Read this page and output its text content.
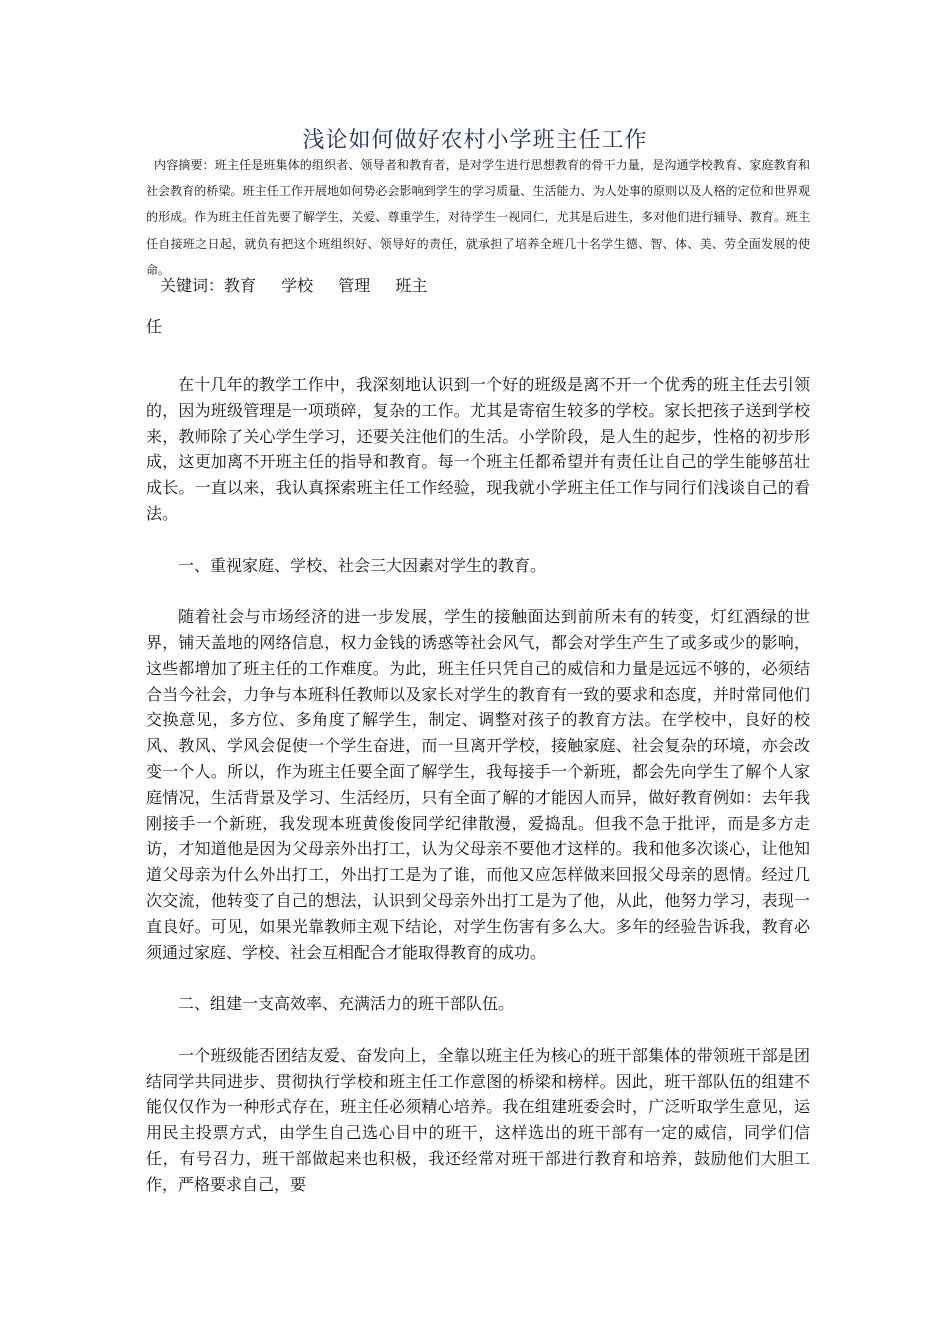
浅论如何做好农村小学班主任工作
内容摘要：班主任是班集体的组织者、领导者和教育者，是对学生进行思想教育的骨干力量，是沟通学校教育、家庭教育和社会教育的桥梁。班主任工作开展地如何势必会影响到学生的学习质量、生活能力、为人处事的原则以及人格的定位和世界观的形成。作为班主任首先要了解学生，关爱、尊重学生，对待学生一视同仁，尤其是后进生，多对他们进行辅导、教育。班主任自接班之日起，就负有把这个班组织好、领导好的责任，就承担了培养全班几十名学生德、智、体、美、劳全面发展的使命。
关键词：教育 学校 管理 班主
任

在十几年的教学工作中，我深刻地认识到一个好的班级是离不开一个优秀的班主任去引领的，因为班级管理是一项琐碎，复杂的工作。尤其是寄宿生较多的学校。家长把孩子送到学校来，教师除了关心学生学习，还要关注他们的生活。小学阶段，是人生的起步，性格的初步形成，这更加离不开班主任的指导和教育。每一个班主任都希望并有责任让自己的学生能够茁壮成长。一直以来，我认真探索班主任工作经验，现我就小学班主任工作与同行们浅谈自己的看法。

一、重视家庭、学校、社会三大因素对学生的教育。

随着社会与市场经济的进一步发展，学生的接触面达到前所未有的转变，灯红酒绿的世界，铺天盖地的网络信息，权力金钱的诱惑等社会风气，都会对学生产生了或多或少的影响，这些都增加了班主任的工作难度。为此，班主任只凭自己的威信和力量是远远不够的，必须结合当今社会，力争与本班科任教师以及家长对学生的教育有一致的要求和态度，并时常同他们交换意见，多方位、多角度了解学生，制定、调整对孩子的教育方法。在学校中，良好的校风、教风、学风会促使一个学生奋进，而一旦离开学校，接触家庭、社会复杂的环境，亦会改变一个人。所以，作为班主任要全面了解学生，我每接手一个新班，都会先向学生了解个人家庭情况，生活背景及学习、生活经历，只有全面了解的才能因人而异，做好教育例如：去年我刚接手一个新班，我发现本班黄俊俊同学纪律散漫，爱捣乱。但我不急于批评，而是多方走访，才知道他是因为父母亲外出打工，认为父母亲不要他才这样的。我和他多次谈心，让他知道父母亲为什么外出打工，外出打工是为了谁，而他又应怎样做来回报父母亲的恩情。经过几次交流，他转变了自己的想法，认识到父母亲外出打工是为了他，从此，他努力学习，表现一直良好。可见，如果光靠教师主观下结论，对学生伤害有多么大。多年的经验告诉我，教育必须通过家庭、学校、社会互相配合才能取得教育的成功。

二、组建一支高效率、充满活力的班干部队伍。

一个班级能否团结友爱、奋发向上，全靠以班主任为核心的班干部集体的带领班干部是团结同学共同进步、贯彻执行学校和班主任工作意图的桥梁和榜样。因此，班干部队伍的组建不能仅仅作为一种形式存在，班主任必须精心培养。我在组建班委会时，广泛听取学生意见，运用民主投票方式，由学生自己选心目中的班干，这样选出的班干部有一定的威信，同学们信任，有号召力，班干部做起来也积极，我还经常对班干部进行教育和培养，鼓励他们大胆工作，严格要求自己，要
